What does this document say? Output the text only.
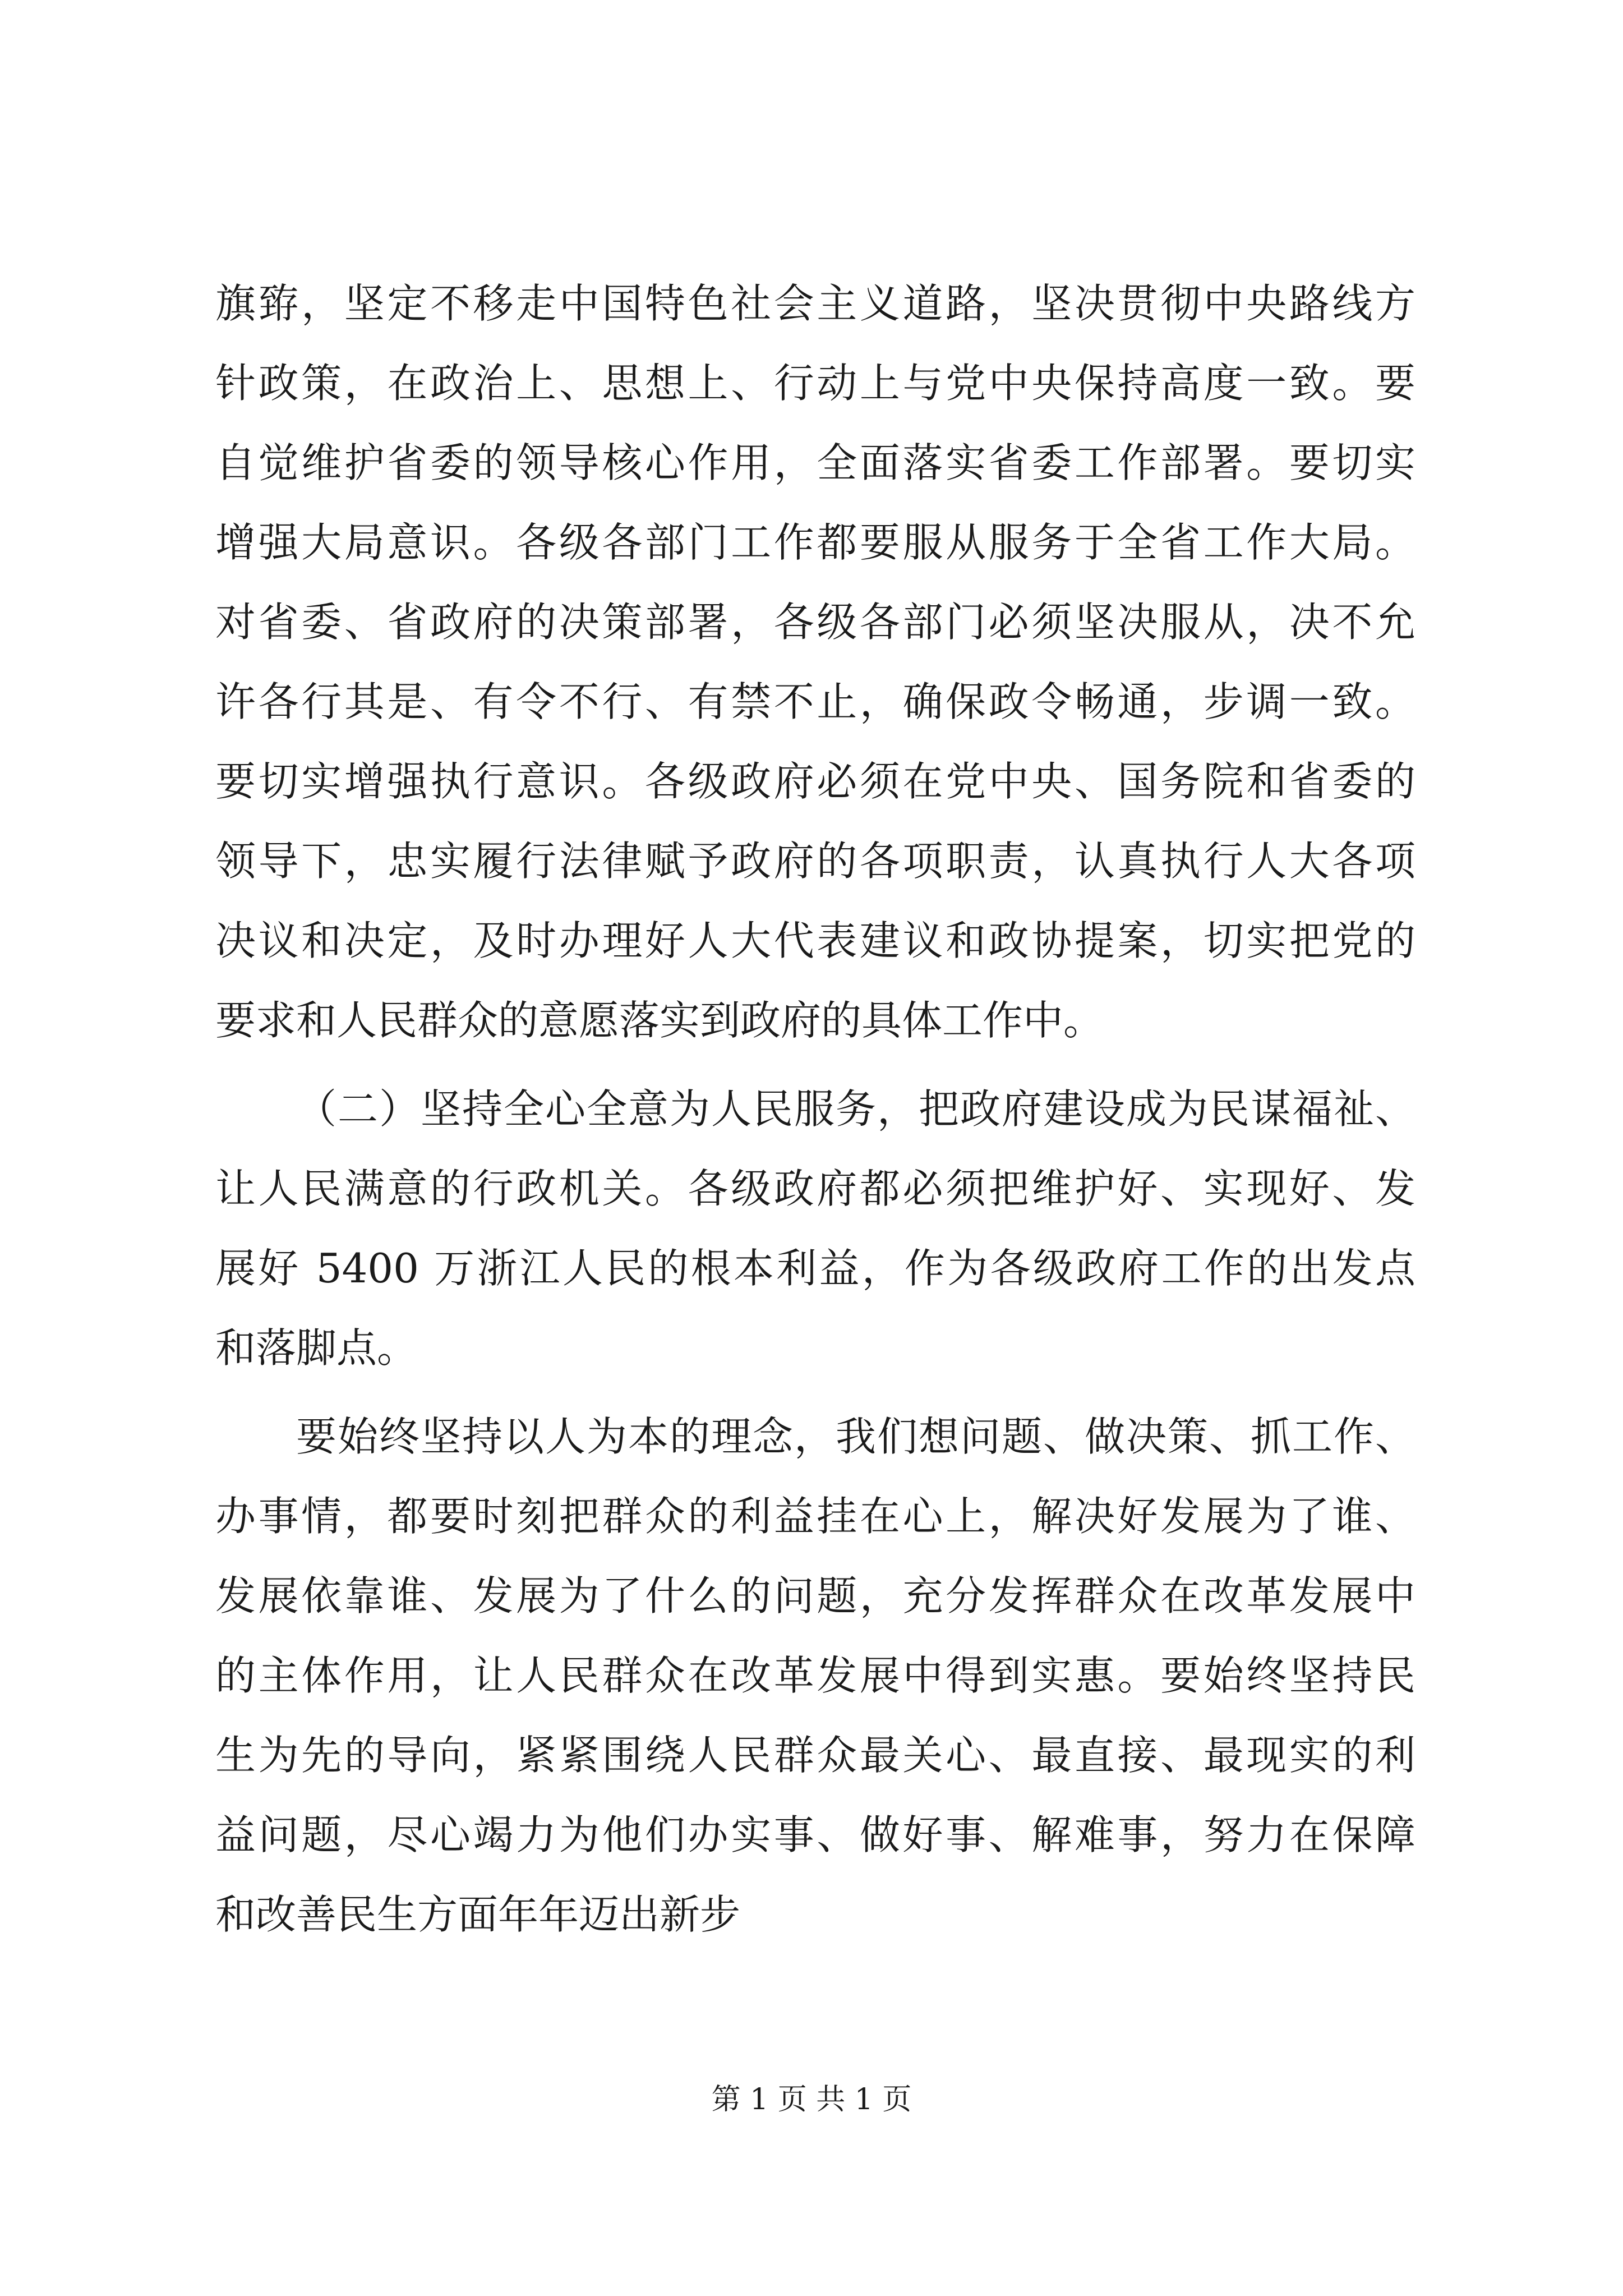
旗臶，坚定不移走中国特色社会主义道路，坚决贯彻中央路线方
针政策，在政治上、思想上、行动上与党中央保持高度一致。要
自觉维护省委的领导核心作用，全面落实省委工作部署。要切实
增强大局意识。各级各部门工作都要服从服务于全省工作大局。
对省委、省政府的决策部署，各级各部门必须坚决服从，决不允
许各行其是、有令不行、有禁不止，确保政令畅通，步调一致。
要切实增强执行意识。各级政府必须在党中央、国务院和省委的
领导下，忠实履行法律赋予政府的各项职责，认真执行人大各项
决议和决定，及时办理好人大代表建议和政协提案，切实把党的
要求和人民群众的意愿落实到政府的具体工作中。
（二）坚持全心全意为人民服务，把政府建设成为民谋福祉、
让人民满意的行政机关。各级政府都必须把维护好、实现好、发
展好 5400 万浙江人民的根本利益，作为各级政府工作的出发点
和落脚点。
要始终坚持以人为本的理念，我们想问题、做决策、抓工作、
办事情，都要时刻把群众的利益挂在心上，解决好发展为了谁、
发展依靠谁、发展为了什么的问题，充分发挥群众在改革发展中
的主体作用，让人民群众在改革发展中得到实惠。要始终坚持民
生为先的导向，紧紧围绕人民群众最关心、最直接、最现实的利
益问题，尽心竭力为他们办实事、做好事、解难事，努力在保障
和改善民生方面年年迈出新步
第 1 页 共 1 页
